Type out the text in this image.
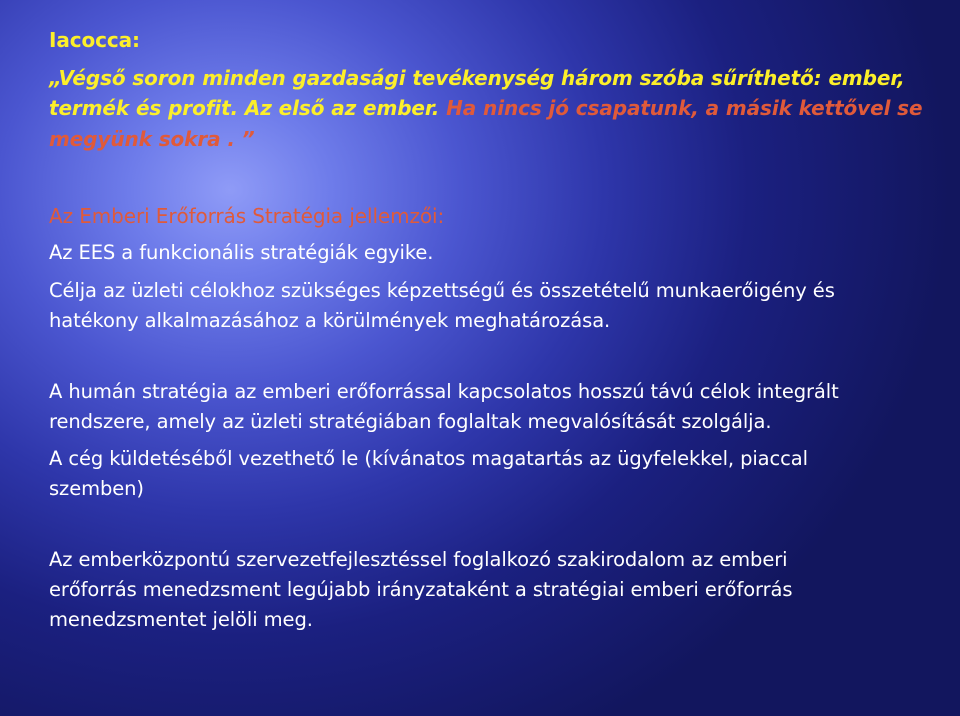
Iacocca:
„Végső soron minden gazdasági tevékenység három szóba sűríthető: ember,
termék és profit. Az első az ember. Ha nincs jó csapatunk, a másik kettővel se
megyünk sokra . ”
Az Emberi Erőforrás Stratégia jellemzői:
Az EES a funkcionális stratégiák egyike.
Célja az üzleti célokhoz szükséges képzettségű és összetételű munkaerőigény és
hatékony alkalmazásához a körülmények meghatározása.
A humán stratégia az emberi erőforrással kapcsolatos hosszú távú célok integrált
rendszere, amely az üzleti stratégiában foglaltak megvalósítását szolgálja.
A cég küldetéséből vezethető le (kívánatos magatartás az ügyfelekkel, piaccal
szemben)
Az emberközpontú szervezetfejlesztéssel foglalkozó szakirodalom az emberi
erőforrás menedzsment legújabb irányzataként a stratégiai emberi erőforrás
menedzsmentet jelöli meg.
